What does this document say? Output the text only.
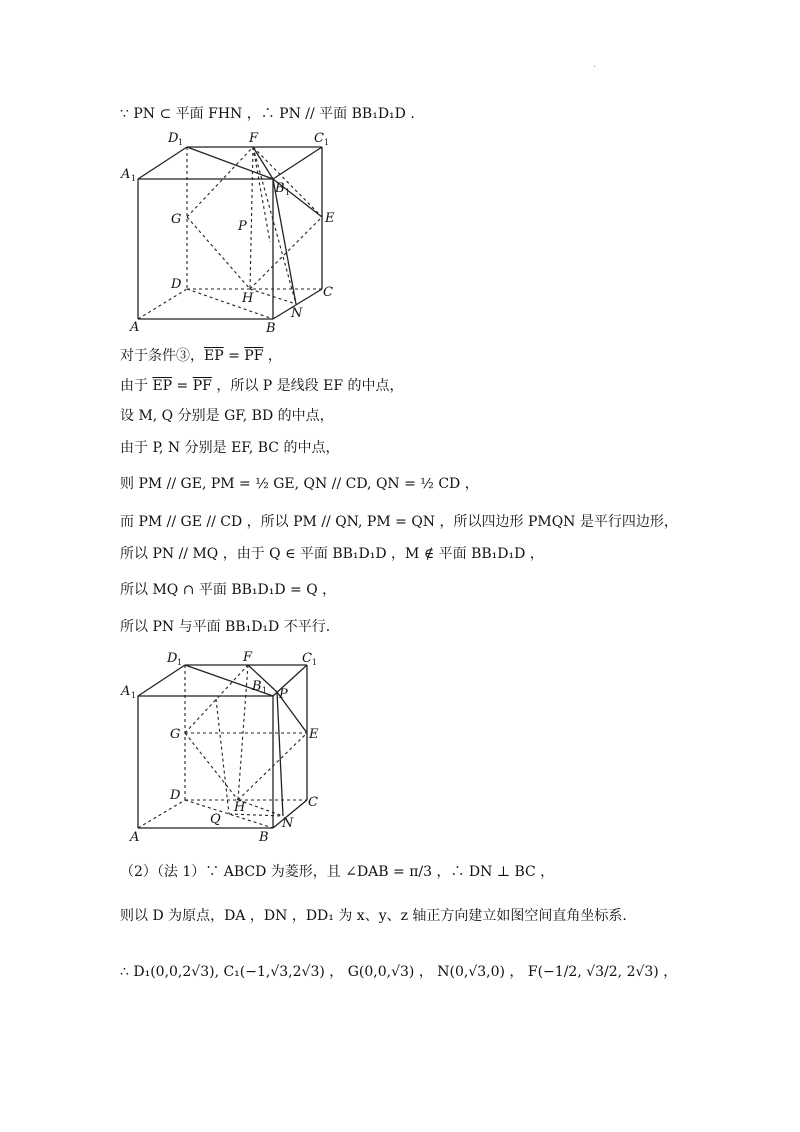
·
∵ PN ⊂ 平面 FHN ，∴ PN // 平面 BB₁D₁D .
D 1	F	C 1
A 1
B 1
G	E
P
D
H	C
N
A	B
对于条件③，$\overline{EP} = \overline{PF}$ ，
由于 $\overline{EP} = \overline{PF}$ ，所以 P 是线段 EF 的中点，
设 M, Q 分别是 GF, BD 的中点，
由于 P, N 分别是 EF, BC 的中点，
则 PM // GE, PM = ½ GE, QN // CD, QN = ½ CD ，
而 PM // GE // CD ，所以 PM // QN, PM = QN ，所以四边形 PMQN 是平行四边形，
所以 PN // MQ ，由于 Q ∈ 平面 BB₁D₁D ，M ∉ 平面 BB₁D₁D ，
所以 MQ ∩ 平面 BB₁D₁D = Q ，
所以 PN 与平面 BB₁D₁D 不平行.
D 1	F	C 1
A 1
B 1 P
G	E
D
H	C
Q	N
A	B
（2）（法 1）∵ ABCD 为菱形，且 ∠DAB = π/3 ，∴ DN ⊥ BC ，
则以 D 为原点，DA ，DN ，DD₁ 为 x、y、z 轴正方向建立如图空间直角坐标系.
∴ D₁(0,0,2√3), C₁(−1,√3,2√3) ， G(0,0,√3) ， N(0,√3,0) ， F(−1/2, √3/2, 2√3) ，
